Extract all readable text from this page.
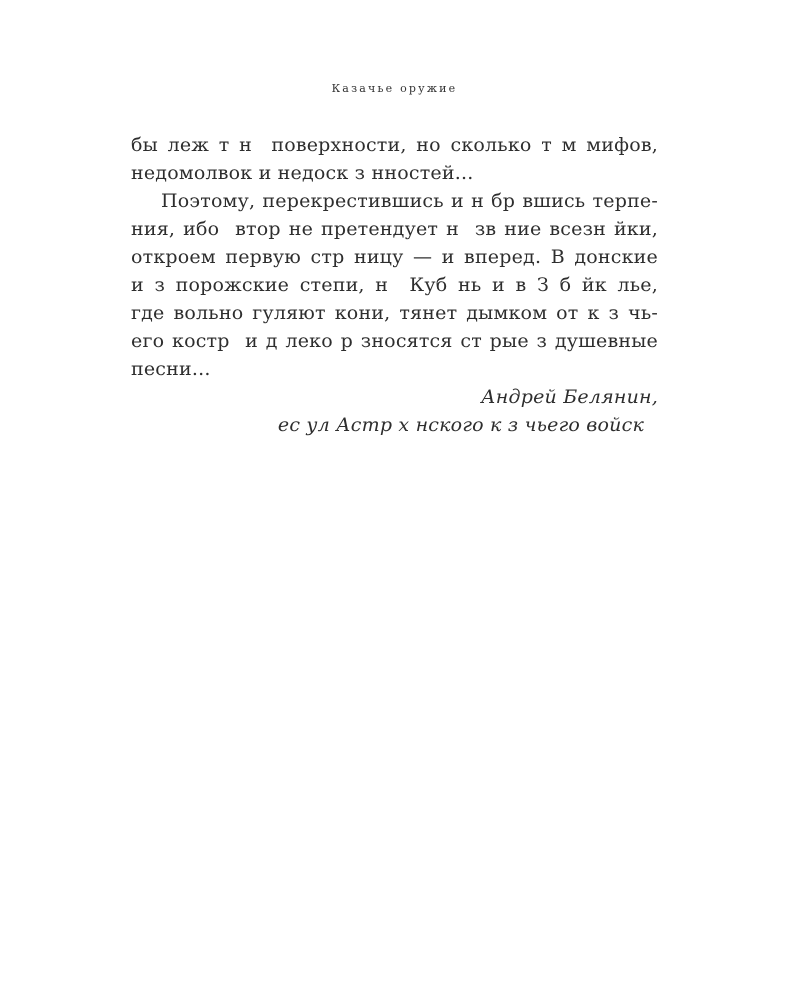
Казачье оружие
бы леж т н  поверхности, но сколько т м мифов,
недомолвок и недоск з нностей...
Поэтому, перекрестившись и н бр вшись терпе-
ния, ибо  втор не претендует н  зв ние всезн йки,
откроем первую стр ницу — и вперед. В донские
и з порожские степи, н  Куб нь и в З б йк лье,
где вольно гуляют кони, тянет дымком от к з чь-
его костр  и д леко р зносятся ст рые з душевные
песни...
Андрей Белянин,
ес ул Астр х нского к з чьего войск
